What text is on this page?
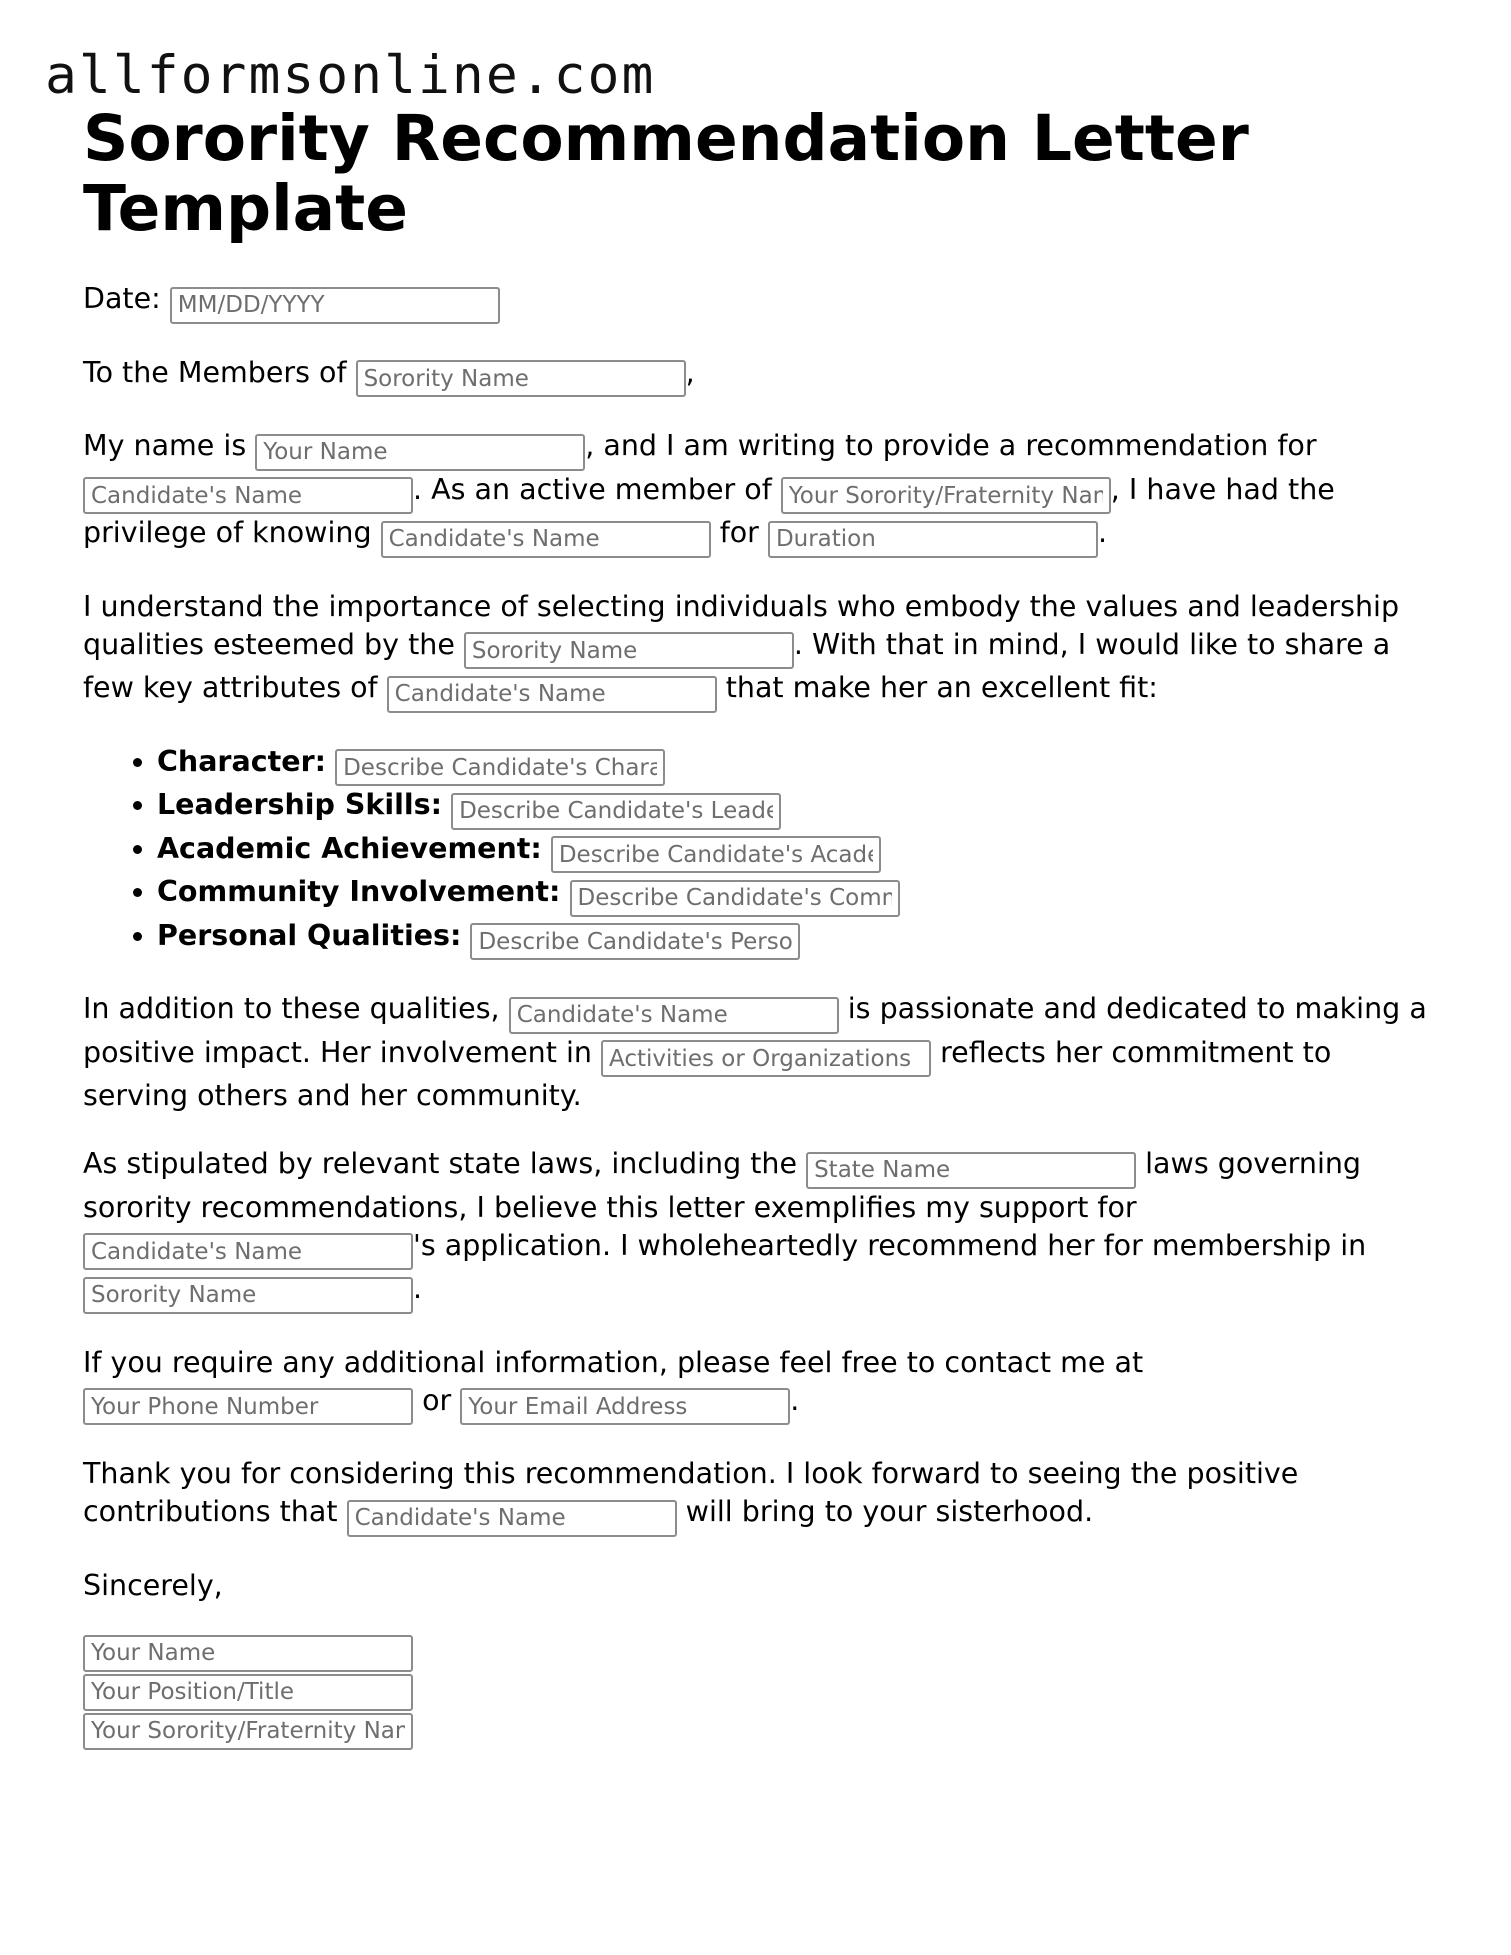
allformsonline.com
Sorority Recommendation Letter Template

Date: MM/DD/YYYY

To the Members of Sorority Name	,

My name is Your Name	, and I am writing to provide a recommendation for Candidate's Name. As an active member of Your Sorority/Fraternity Name	, I have had the privilege of knowing Candidate's Name	for Duration	.

I understand the importance of selecting individuals who embody the values and leadership qualities esteemed by the Sorority Name	. With that in mind, I would like to share a few key attributes of Candidate's Name	that make her an excellent fit:

• Character: Describe Candidate's Character
• Leadership Skills: Describe Candidate's Leadership Skills
• Academic Achievement: Describe Candidate's Academic Achievement
• Community Involvement: Describe Candidate's Community Involvement
• Personal Qualities: Describe Candidate's Personal Qualities

In addition to these qualities, Candidate's Name	is passionate and dedicated to making a positive impact. Her involvement in Activities or Organizations	reflects her commitment to serving others and her community.

As stipulated by relevant state laws, including the State Name	laws governing sorority recommendations, I believe this letter exemplifies my support for Candidate's Name's application. I wholeheartedly recommend her for membership in Sorority Name.

If you require any additional information, please feel free to contact me at Your Phone Number or Your Email Address	.

Thank you for considering this recommendation. I look forward to seeing the positive contributions that Candidate's Name	will bring to your sisterhood.

Sincerely,

Your Name
Your Position/Title
Your Sorority/Fraternity Name
